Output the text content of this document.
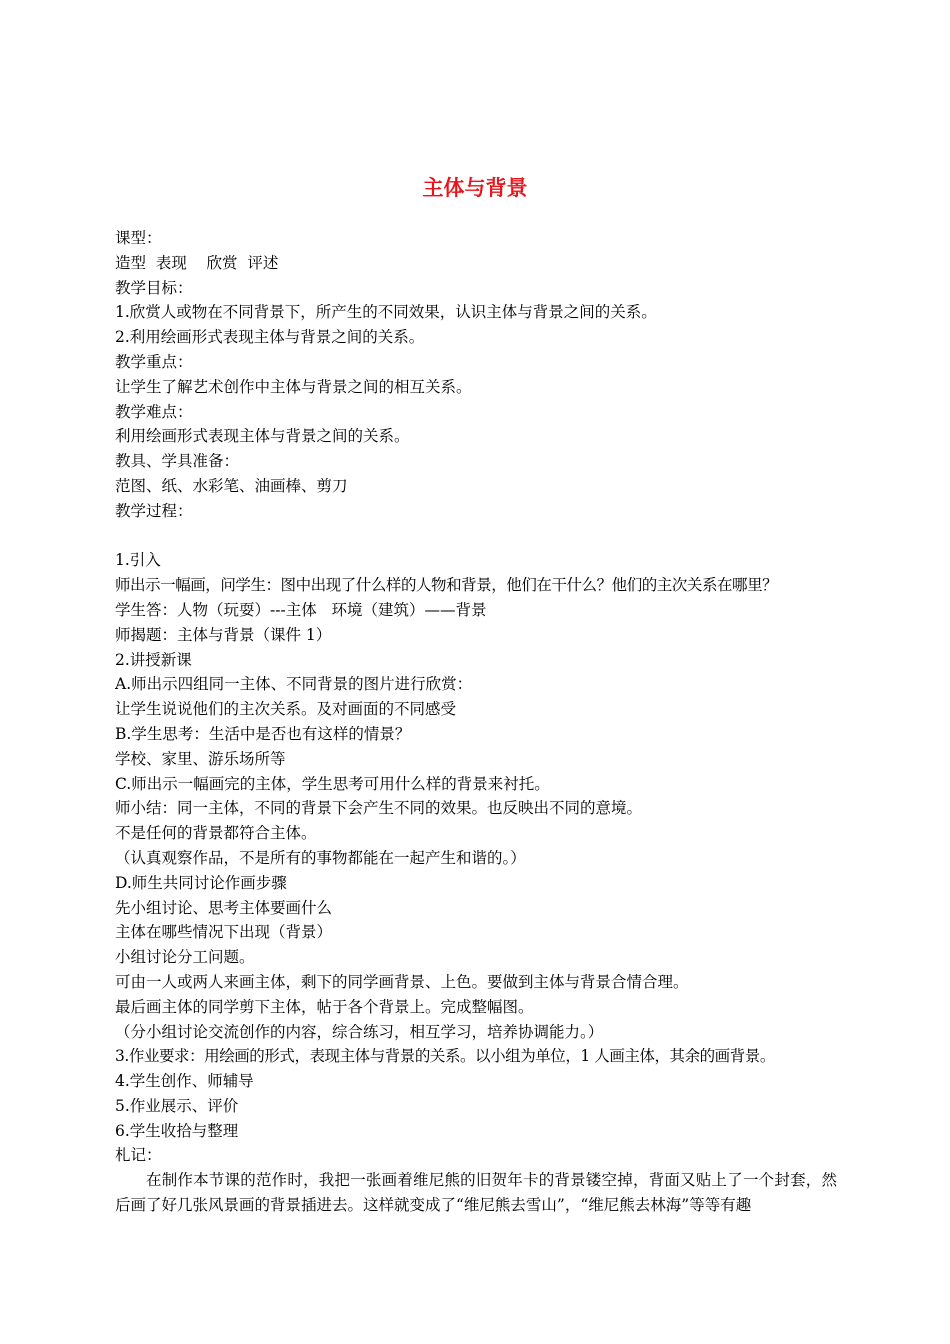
主体与背景
课型：
造型  表现    欣赏  评述
教学目标：
1.欣赏人或物在不同背景下，所产生的不同效果，认识主体与背景之间的关系。
2.利用绘画形式表现主体与背景之间的关系。
教学重点：
让学生了解艺术创作中主体与背景之间的相互关系。
教学难点：
利用绘画形式表现主体与背景之间的关系。
教具、学具准备：
范图、纸、水彩笔、油画棒、剪刀
教学过程：
1.引入
师出示一幅画，问学生：图中出现了什么样的人物和背景，他们在干什么？他们的主次关系在哪里？
学生答：人物（玩耍）---主体   环境（建筑）——背景
师揭题：主体与背景（课件 1）
2.讲授新课
A.师出示四组同一主体、不同背景的图片进行欣赏：
让学生说说他们的主次关系。及对画面的不同感受
B.学生思考：生活中是否也有这样的情景？
学校、家里、游乐场所等
C.师出示一幅画完的主体，学生思考可用什么样的背景来衬托。
师小结：同一主体，不同的背景下会产生不同的效果。也反映出不同的意境。
不是任何的背景都符合主体。
（认真观察作品，不是所有的事物都能在一起产生和谐的。）
D.师生共同讨论作画步骤
先小组讨论、思考主体要画什么
主体在哪些情况下出现（背景）
小组讨论分工问题。
可由一人或两人来画主体，剩下的同学画背景、上色。要做到主体与背景合情合理。
最后画主体的同学剪下主体，帖于各个背景上。完成整幅图。
（分小组讨论交流创作的内容，综合练习，相互学习，培养协调能力。）
3.作业要求：用绘画的形式，表现主体与背景的关系。以小组为单位，1 人画主体，其余的画背景。
4.学生创作、师辅导
5.作业展示、评价
6.学生收拾与整理
札记：
在制作本节课的范作时，我把一张画着维尼熊的旧贺年卡的背景镂空掉，背面又贴上了一个封套，然后画了好几张风景画的背景插进去。这样就变成了“维尼熊去雪山”，“维尼熊去林海”等等有趣
